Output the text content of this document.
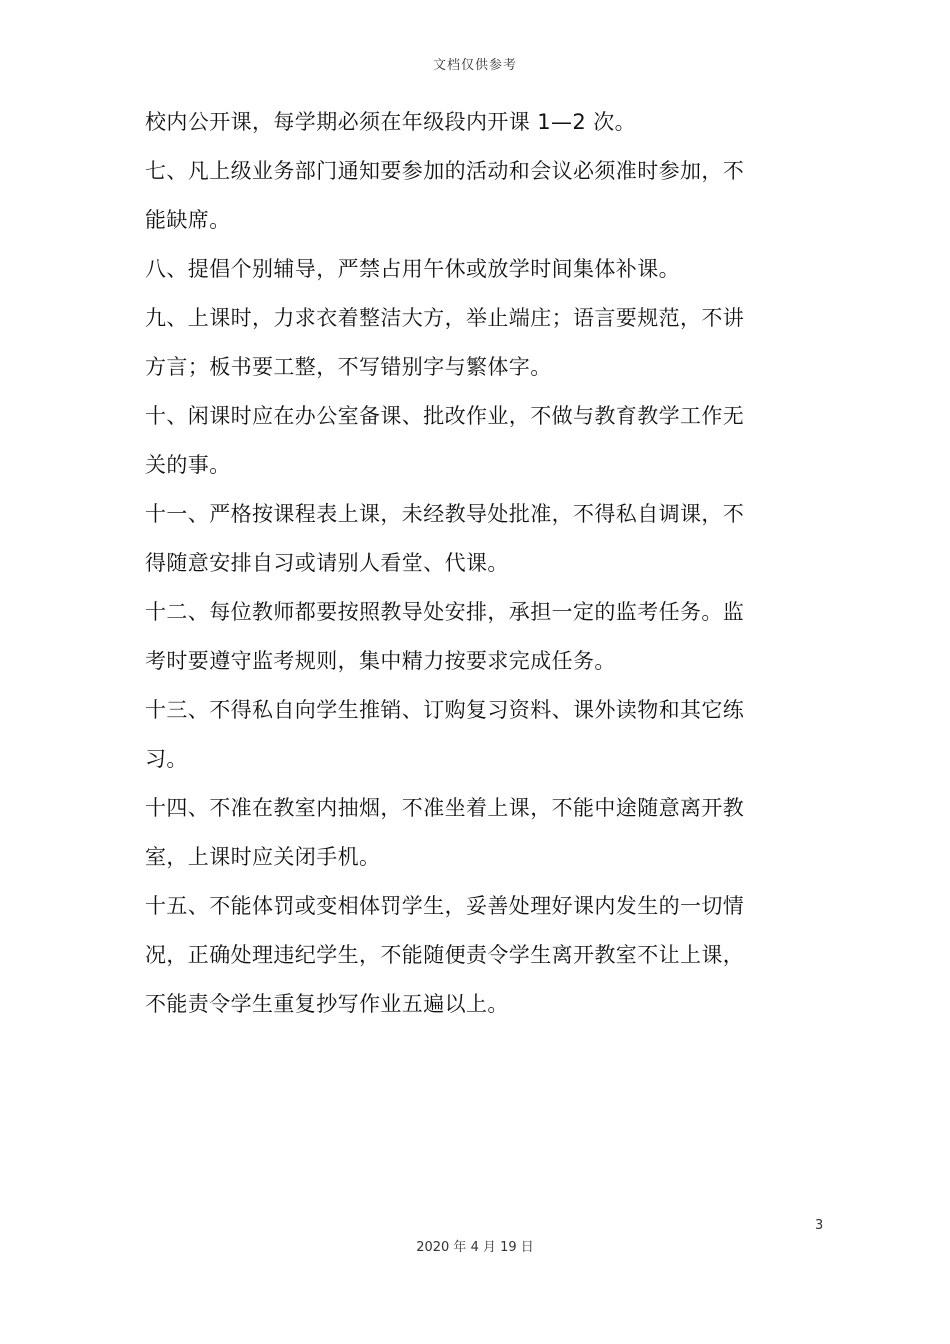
文档仅供参考
校内公开课，每学期必须在年级段内开课 1—2 次。
七、凡上级业务部门通知要参加的活动和会议必须准时参加，不
能缺席。
八、提倡个别辅导，严禁占用午休或放学时间集体补课。
九、上课时，力求衣着整洁大方，举止端庄；语言要规范，不讲
方言；板书要工整，不写错别字与繁体字。
十、闲课时应在办公室备课、批改作业，不做与教育教学工作无
关的事。
十一、严格按课程表上课，未经教导处批准，不得私自调课，不
得随意安排自习或请别人看堂、代课。
十二、每位教师都要按照教导处安排，承担一定的监考任务。监
考时要遵守监考规则，集中精力按要求完成任务。
十三、不得私自向学生推销、订购复习资料、课外读物和其它练
习。
十四、不准在教室内抽烟，不准坐着上课，不能中途随意离开教
室，上课时应关闭手机。
十五、不能体罚或变相体罚学生，妥善处理好课内发生的一切情
况，正确处理违纪学生，不能随便责令学生离开教室不让上课，
不能责令学生重复抄写作业五遍以上。
3
2020 年 4 月 19 日
